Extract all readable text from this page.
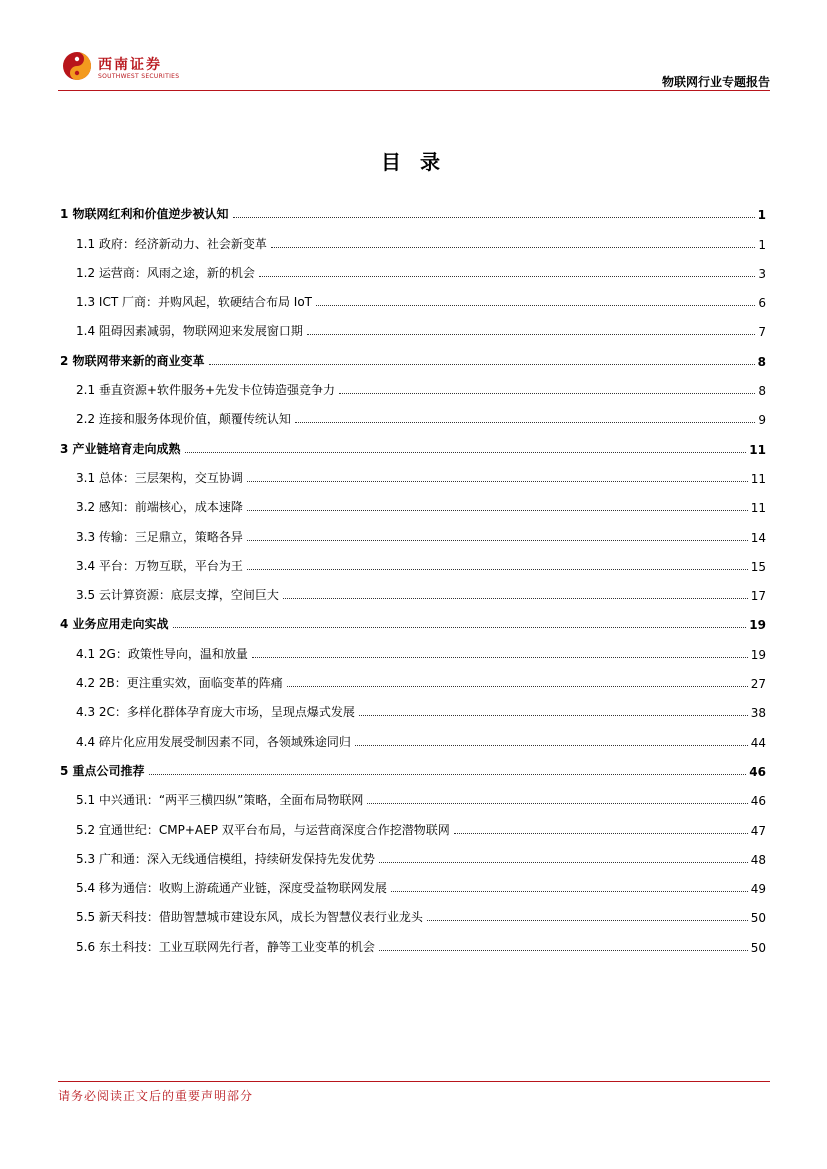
西南证券
SOUTHWEST SECURITIES	物联网行业专题报告
目 录
1 物联网红利和价值逆步被认知	1
1.1 政府：经济新动力、社会新变革	1
1.2 运营商：风雨之途，新的机会	3
1.3 ICT 厂商：并购风起，软硬结合布局 IoT	6
1.4 阻碍因素减弱，物联网迎来发展窗口期	7
2 物联网带来新的商业变革	8
2.1 垂直资源+软件服务+先发卡位铸造强竞争力	8
2.2 连接和服务体现价值，颠覆传统认知	9
3 产业链培育走向成熟	11
3.1 总体：三层架构，交互协调	11
3.2 感知：前端核心，成本速降	11
3.3 传输：三足鼎立，策略各异	14
3.4 平台：万物互联，平台为王	15
3.5 云计算资源：底层支撑，空间巨大	17
4 业务应用走向实战	19
4.1 2G：政策性导向，温和放量	19
4.2 2B：更注重实效，面临变革的阵痛	27
4.3 2C：多样化群体孕育庞大市场，呈现点爆式发展	38
4.4 碎片化应用发展受制因素不同，各领域殊途同归	44
5 重点公司推荐	46
5.1 中兴通讯：“两平三横四纵”策略，全面布局物联网	46
5.2 宜通世纪：CMP+AEP 双平台布局，与运营商深度合作挖潜物联网	47
5.3 广和通：深入无线通信模组，持续研发保持先发优势	48
5.4 移为通信：收购上游疏通产业链，深度受益物联网发展	49
5.5 新天科技：借助智慧城市建设东风，成长为智慧仪表行业龙头	50
5.6 东土科技：工业互联网先行者，静等工业变革的机会	50
请务必阅读正文后的重要声明部分
